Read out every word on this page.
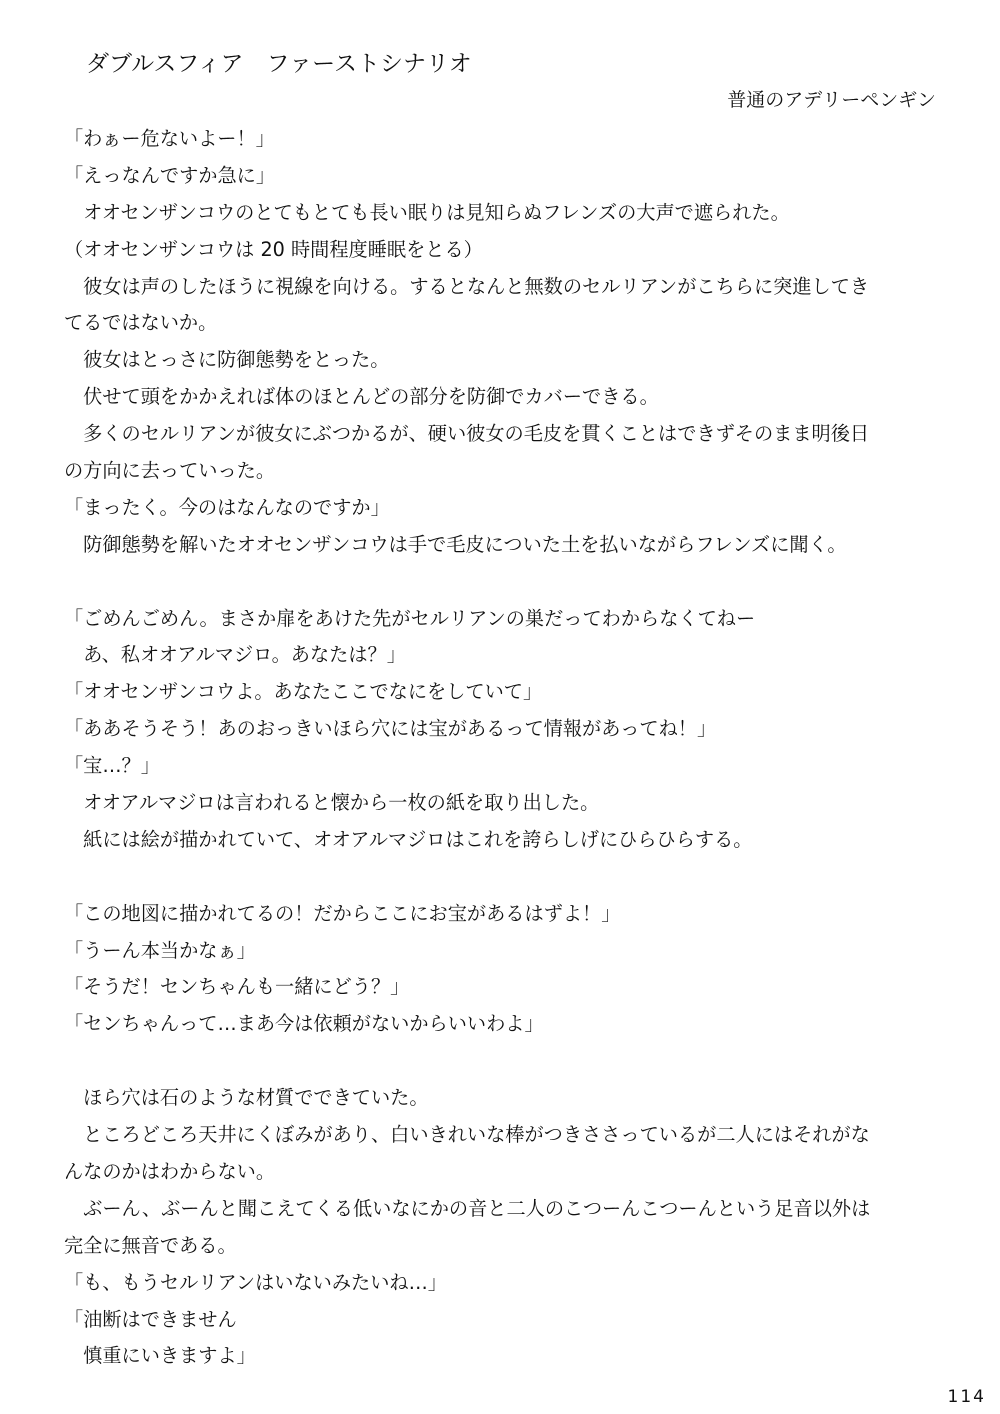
ダブルスフィア　ファーストシナリオ
普通のアデリーペンギン
「わぁー危ないよー！」
「えっなんですか急に」
　オオセンザンコウのとてもとても長い眠りは見知らぬフレンズの大声で遮られた。
（オオセンザンコウは 20 時間程度睡眠をとる）
　彼女は声のしたほうに視線を向ける。するとなんと無数のセルリアンがこちらに突進してき
てるではないか。
　彼女はとっさに防御態勢をとった。
　伏せて頭をかかえれば体のほとんどの部分を防御でカバーできる。
　多くのセルリアンが彼女にぶつかるが、硬い彼女の毛皮を貫くことはできずそのまま明後日
の方向に去っていった。
「まったく。今のはなんなのですか」
　防御態勢を解いたオオセンザンコウは手で毛皮についた土を払いながらフレンズに聞く。
「ごめんごめん。まさか扉をあけた先がセルリアンの巣だってわからなくてねー
　あ、私オオアルマジロ。あなたは？」
「オオセンザンコウよ。あなたここでなにをしていて」
「ああそうそう！あのおっきいほら穴には宝があるって情報があってね！」
「宝…？」
　オオアルマジロは言われると懐から一枚の紙を取り出した。
　紙には絵が描かれていて、オオアルマジロはこれを誇らしげにひらひらする。
「この地図に描かれてるの！だからここにお宝があるはずよ！」
「うーん本当かなぁ」
「そうだ！センちゃんも一緒にどう？」
「センちゃんって…まあ今は依頼がないからいいわよ」
　ほら穴は石のような材質でできていた。
　ところどころ天井にくぼみがあり、白いきれいな棒がつきささっているが二人にはそれがな
んなのかはわからない。
　ぶーん、ぶーんと聞こえてくる低いなにかの音と二人のこつーんこつーんという足音以外は
完全に無音である。
「も、もうセルリアンはいないみたいね…」
「油断はできません
　慎重にいきますよ」
114
